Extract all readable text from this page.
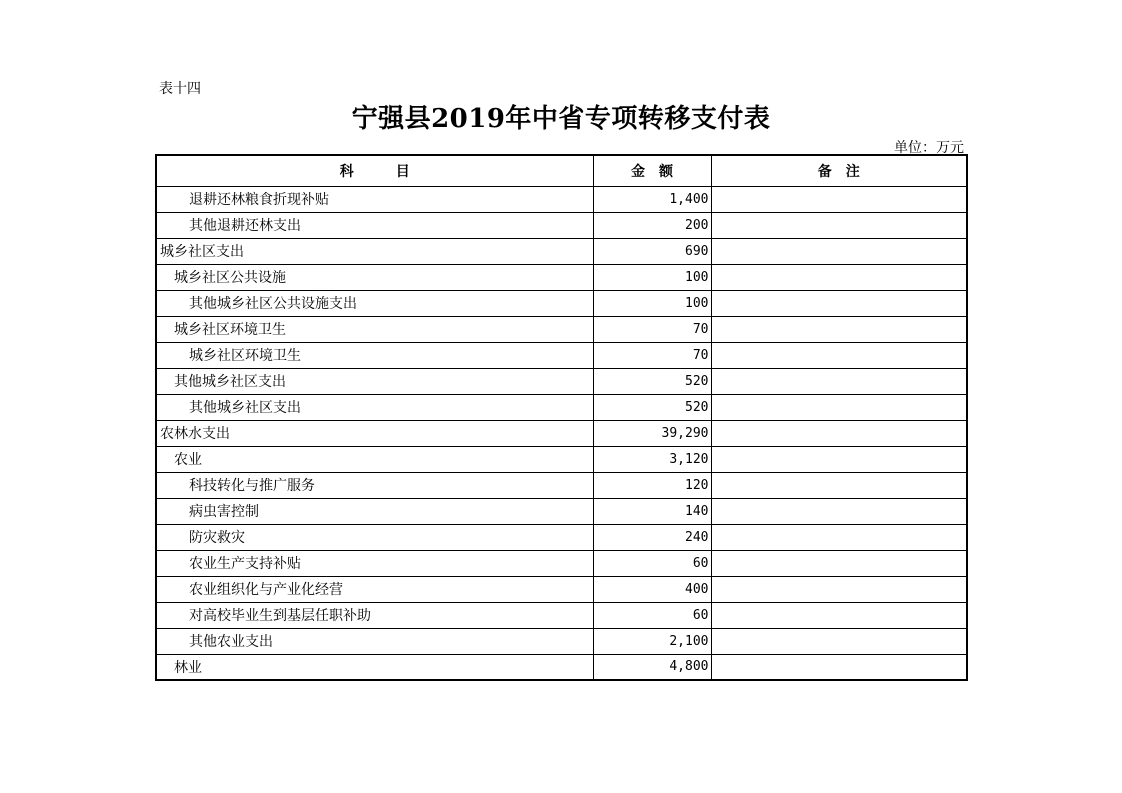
表十四
宁强县2019年中省专项转移支付表
单位：万元
科　　　目	金　额	备　注
退耕还林粮食折现补贴	1,400	
其他退耕还林支出	200	
城乡社区支出	690	
城乡社区公共设施	100	
其他城乡社区公共设施支出	100	
城乡社区环境卫生	70	
城乡社区环境卫生	70	
其他城乡社区支出	520	
其他城乡社区支出	520	
农林水支出	39,290	
农业	3,120	
科技转化与推广服务	120	
病虫害控制	140	
防灾救灾	240	
农业生产支持补贴	60	
农业组织化与产业化经营	400	
对高校毕业生到基层任职补助	60	
其他农业支出	2,100	
林业	4,800	
